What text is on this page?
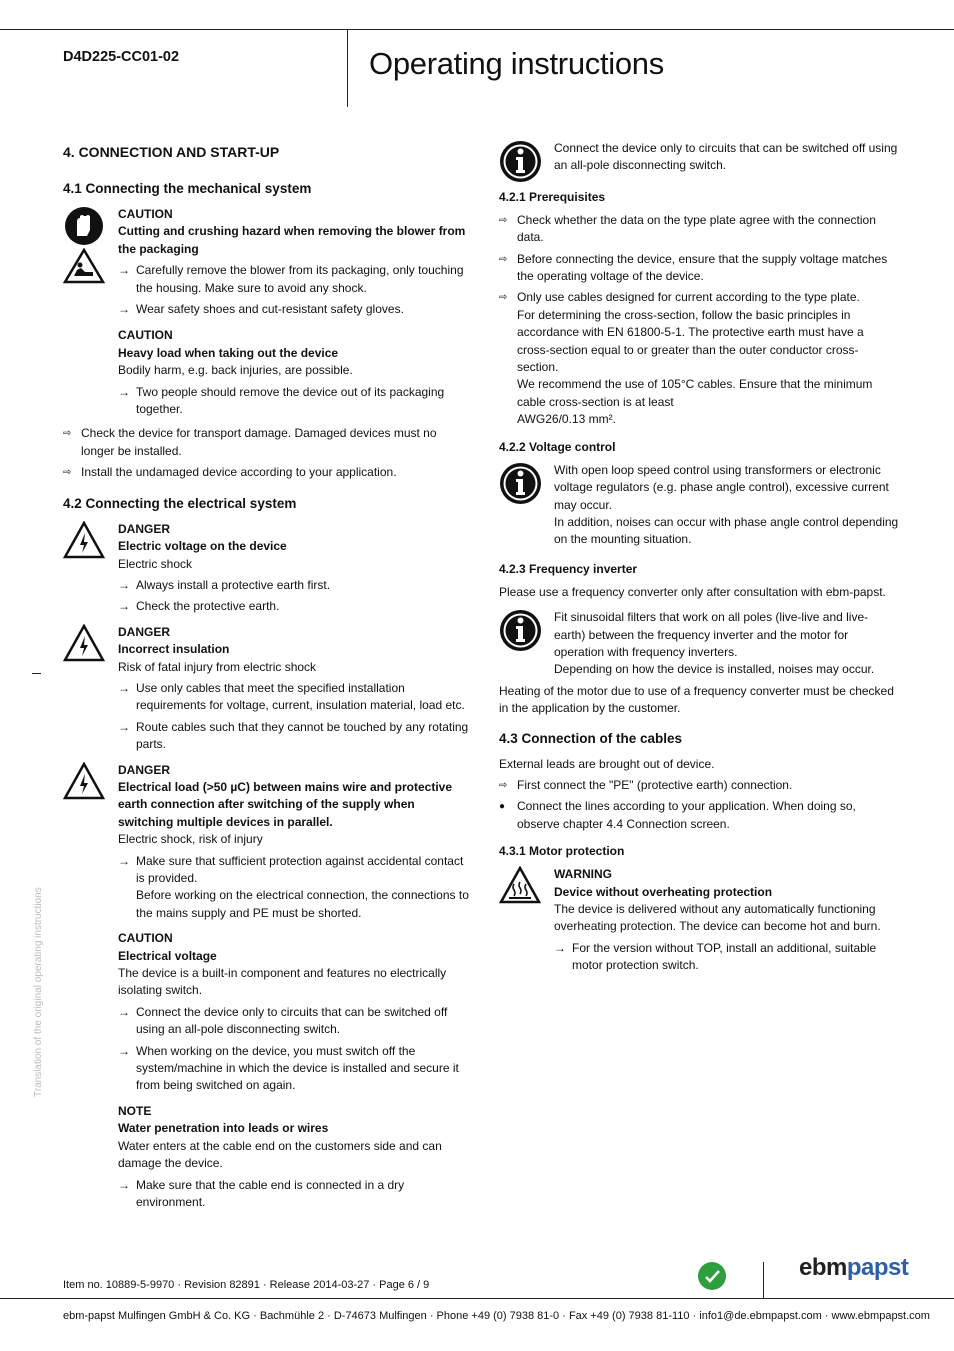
D4D225-CC01-02	Operating instructions
Translation of the original operating instructions
4. CONNECTION AND START-UP
4.1 Connecting the mechanical system

CAUTION

Cutting and crushing hazard when removing the blower from the packaging

→ Carefully remove the blower from its packaging, only touching the housing. Make sure to avoid any shock.
→ Wear safety shoes and cut-resistant safety gloves.

CAUTION

Heavy load when taking out the device

Bodily harm, e.g. back injuries, are possible.

→ Two people should remove the device out of its packaging together.
⇨ Check the device for transport damage. Damaged devices must no longer be installed.
⇨ Install the undamaged device according to your application.
4.2 Connecting the electrical system

DANGER

Electric voltage on the device

Electric shock

→ Always install a protective earth first.
→ Check the protective earth.

DANGER

Incorrect insulation

Risk of fatal injury from electric shock

→ Use only cables that meet the specified installation requirements for voltage, current, insulation material, load etc.
→ Route cables such that they cannot be touched by any rotating parts.

DANGER

Electrical load (>50 µC) between mains wire and protective earth connection after switching of the supply when switching multiple devices in parallel.

Electric shock, risk of injury

→ Make sure that sufficient protection against accidental contact is provided.
Before working on the electrical connection, the connections to the mains supply and PE must be shorted.

CAUTION

Electrical voltage

The device is a built-in component and features no electrically isolating switch.

→ Connect the device only to circuits that can be switched off using an all-pole disconnecting switch.
→ When working on the device, you must switch off the system/machine in which the device is installed and secure it from being switched on again.

NOTE

Water penetration into leads or wires

Water enters at the cable end on the customers side and can damage the device.

→ Make sure that the cable end is connected in a dry environment.

Connect the device only to circuits that can be switched off using an all-pole disconnecting switch.

4.2.1 Prerequisites
⇨ Check whether the data on the type plate agree with the connection data.
⇨ Before connecting the device, ensure that the supply voltage matches the operating voltage of the device.
⇨ Only use cables designed for current according to the type plate.
For determining the cross-section, follow the basic principles in accordance with EN 61800-5-1. The protective earth must have a cross-section equal to or greater than the outer conductor cross-section.
We recommend the use of 105°C cables. Ensure that the minimum cable cross-section is at least
AWG26/0.13 mm².
4.2.2 Voltage control

With open loop speed control using transformers or electronic voltage regulators (e.g. phase angle control), excessive current may occur.

In addition, noises can occur with phase angle control depending on the mounting situation.

4.2.3 Frequency inverter

Please use a frequency converter only after consultation with ebm-papst.

Fit sinusoidal filters that work on all poles (live-live and live-earth) between the frequency inverter and the motor for operation with frequency inverters.

Depending on how the device is installed, noises may occur.

Heating of the motor due to use of a frequency converter must be checked in the application by the customer.

4.3 Connection of the cables

External leads are brought out of device.

⇨ First connect the "PE" (protective earth) connection.
● Connect the lines according to your application. When doing so, observe chapter 4.4 Connection screen.
4.3.1 Motor protection

WARNING

Device without overheating protection

The device is delivered without any automatically functioning overheating protection. The device can become hot and burn.

→ For the version without TOP, install an additional, suitable motor protection switch.
Item no. 10889-5-9970 · Revision 82891 · Release 2014-03-27 · Page 6 / 9
ebmpapst
ebm-papst Mulfingen GmbH & Co. KG · Bachmühle 2 · D-74673 Mulfingen · Phone +49 (0) 7938 81-0 · Fax +49 (0) 7938 81-110 · info1@de.ebmpapst.com · www.ebmpapst.com
